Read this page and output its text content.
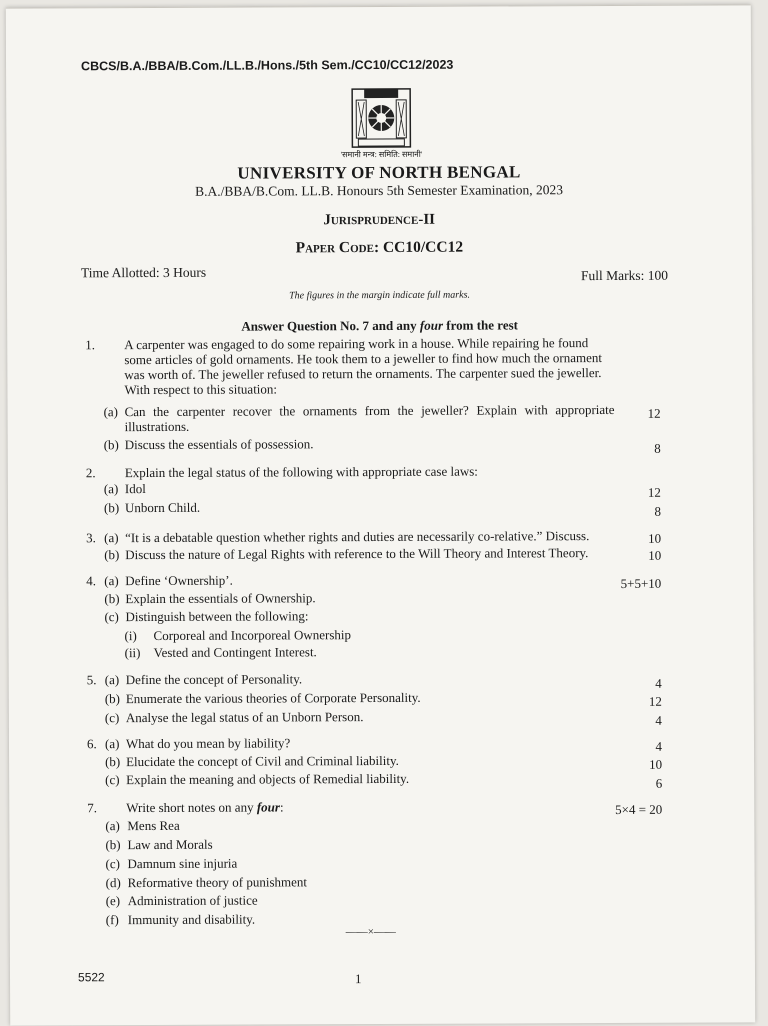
CBCS/B.A./BBA/B.Com./LL.B./Hons./5th Sem./CC10/CC12/2023
'समानी मन्त्र: समिति: समानी'
UNIVERSITY OF NORTH BENGAL
B.A./BBA/B.Com. LL.B. Honours 5th Semester Examination, 2023
Jurisprudence-II
Paper Code: CC10/CC12
Time Allotted: 3 Hours	Full Marks: 100
The figures in the margin indicate full marks.
Answer Question No. 7 and any four from the rest
1. A carpenter was engaged to do some repairing work in a house. While repairing he found some articles of gold ornaments. He took them to a jeweller to find how much the ornament was worth of. The jeweller refused to return the ornaments. The carpenter sued the jeweller. With respect to this situation:
(a) Can the carpenter recover the ornaments from the jeweller? Explain with appropriate illustrations.
12
(b) Discuss the essentials of possession.	8
2. Explain the legal status of the following with appropriate case laws:
(a) Idol	12
(b) Unborn Child.	8
3. (a) “It is a debatable question whether rights and duties are necessarily co-relative.” Discuss.	10
(b) Discuss the nature of Legal Rights with reference to the Will Theory and Interest Theory.	10
4. (a) Define ‘Ownership’.	5+5+10
(b) Explain the essentials of Ownership.
(c) Distinguish between the following:
(i) Corporeal and Incorporeal Ownership
(ii) Vested and Contingent Interest.
5. (a) Define the concept of Personality.	4
(b) Enumerate the various theories of Corporate Personality.	12
(c) Analyse the legal status of an Unborn Person.	4
6. (a) What do you mean by liability?	4
(b) Elucidate the concept of Civil and Criminal liability.	10
(c) Explain the meaning and objects of Remedial liability.	6
7. Write short notes on any four:	5×4 = 20
(a) Mens Rea
(b) Law and Morals
(c) Damnum sine injuria
(d) Reformative theory of punishment
(e) Administration of justice
(f) Immunity and disability.
——×——
5522	1
